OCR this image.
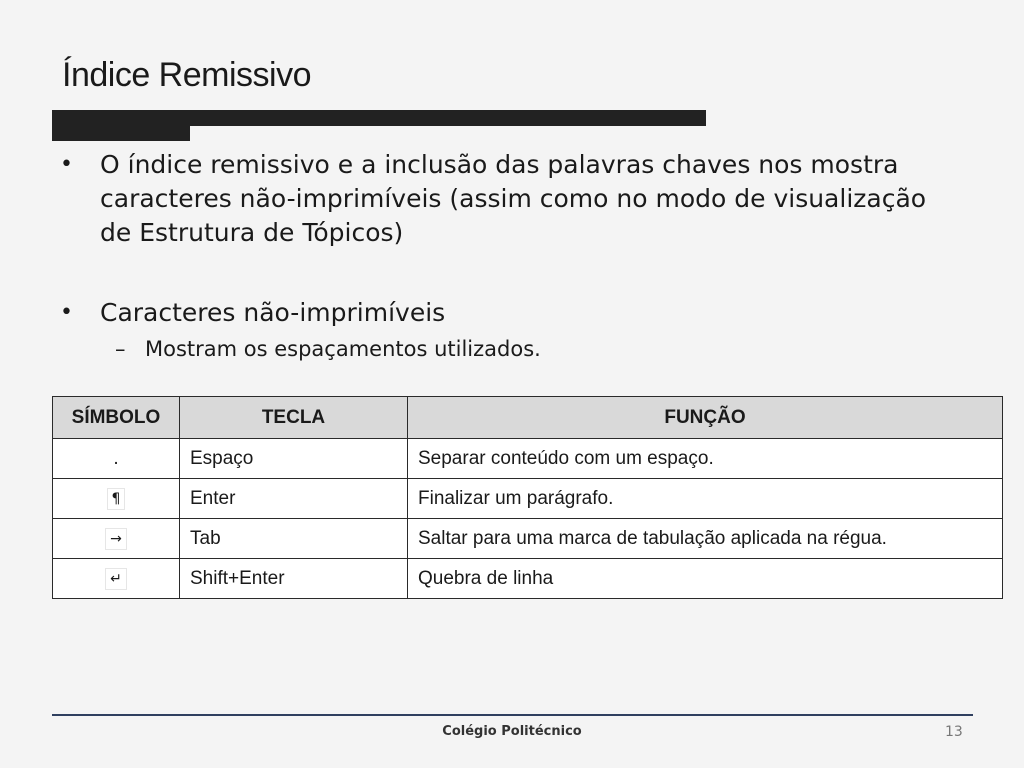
Índice Remissivo
•	O índice remissivo e a inclusão das palavras chaves nos mostra caracteres não-imprimíveis (assim como no modo de visualização de Estrutura de Tópicos)
•	Caracteres não-imprimíveis
– Mostram os espaçamentos utilizados.
SÍMBOLO	TECLA	FUNÇÃO
.	Espaço	Separar conteúdo com um espaço.
¶	Enter	Finalizar um parágrafo.
→	Tab	Saltar para uma marca de tabulação aplicada na régua.
↵	Shift+Enter	Quebra de linha
Colégio Politécnico	13
